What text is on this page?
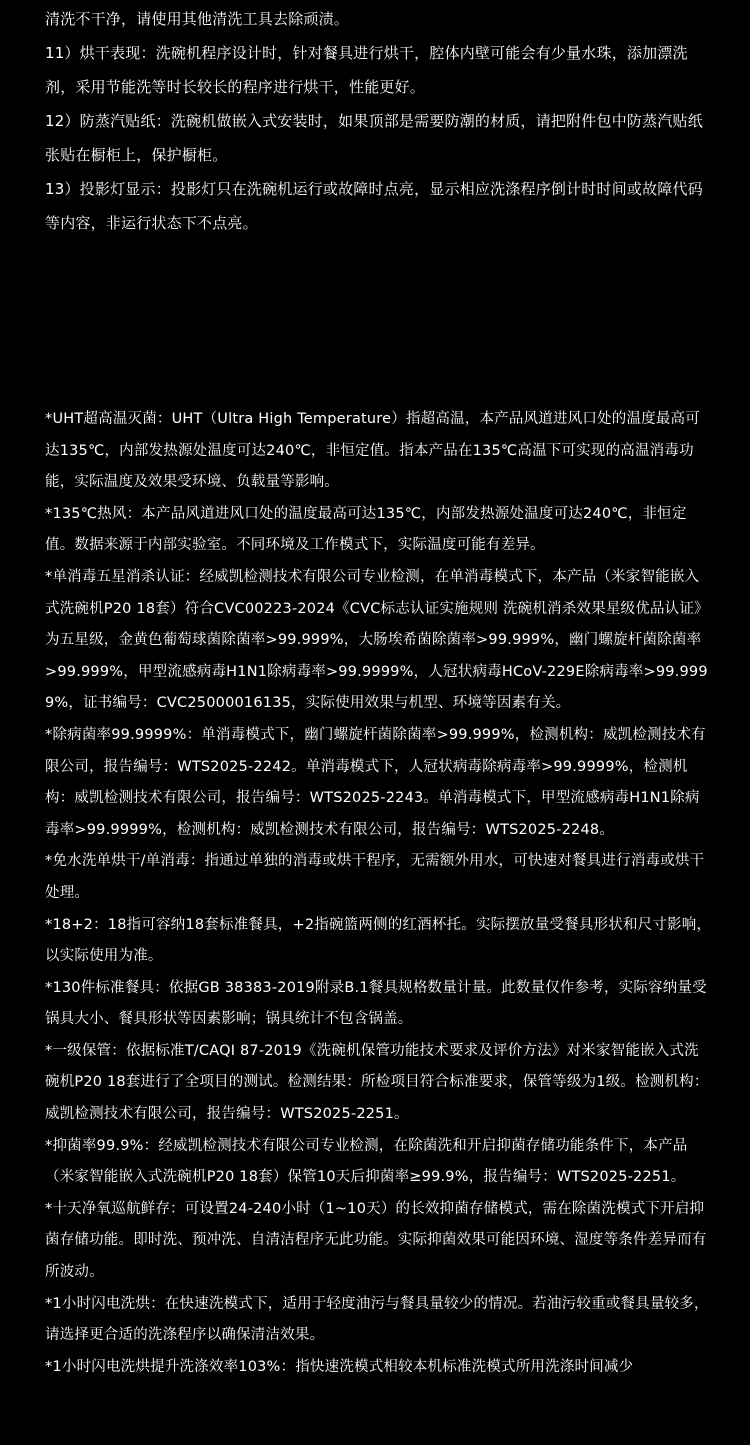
清洗不干净，请使用其他清洗工具去除顽渍。

11）烘干表现：洗碗机程序设计时，针对餐具进行烘干，腔体内壁可能会有少量水珠，添加漂洗剂，采用节能洗等时长较长的程序进行烘干，性能更好。

12）防蒸汽贴纸：洗碗机做嵌入式安装时，如果顶部是需要防潮的材质，请把附件包中防蒸汽贴纸张贴在橱柜上，保护橱柜。

13）投影灯显示：投影灯只在洗碗机运行或故障时点亮，显示相应洗涤程序倒计时时间或故障代码等内容，非运行状态下不点亮。

*UHT超高温灭菌：UHT（Ultra High Temperature）指超高温，本产品风道进风口处的温度最高可达135℃，内部发热源处温度可达240℃，非恒定值。指本产品在135℃高温下可实现的高温消毒功能，实际温度及效果受环境、负载量等影响。

*135℃热风：本产品风道进风口处的温度最高可达135℃，内部发热源处温度可达240℃，非恒定值。数据来源于内部实验室。不同环境及工作模式下，实际温度可能有差异。

*单消毒五星消杀认证：经威凯检测技术有限公司专业检测，在单消毒模式下，本产品（米家智能嵌入式洗碗机P20 18套）符合CVC00223-2024《CVC标志认证实施规则 洗碗机消杀效果星级优品认证》为五星级，金黄色葡萄球菌除菌率>99.999%，大肠埃希菌除菌率>99.999%，幽门螺旋杆菌除菌率>99.999%，甲型流感病毒H1N1除病毒率>99.9999%，人冠状病毒HCoV-229E除病毒率>99.9999%，证书编号：CVC25000016135，实际使用效果与机型、环境等因素有关。

*除病菌率99.9999%：单消毒模式下，幽门螺旋杆菌除菌率>99.999%，检测机构：威凯检测技术有限公司，报告编号：WTS2025-2242。单消毒模式下，人冠状病毒除病毒率>99.9999%，检测机构：威凯检测技术有限公司，报告编号：WTS2025-2243。单消毒模式下，甲型流感病毒H1N1除病毒率>99.9999%，检测机构：威凯检测技术有限公司，报告编号：WTS2025-2248。

*免水洗单烘干/单消毒：指通过单独的消毒或烘干程序，无需额外用水，可快速对餐具进行消毒或烘干处理。

*18+2：18指可容纳18套标准餐具，+2指碗篮两侧的红酒杯托。实际摆放量受餐具形状和尺寸影响，以实际使用为准。

*130件标准餐具：依据GB 38383-2019附录B.1餐具规格数量计量。此数量仅作参考，实际容纳量受锅具大小、餐具形状等因素影响；锅具统计不包含锅盖。

*一级保管：依据标准T/CAQI 87-2019《洗碗机保管功能技术要求及评价方法》对米家智能嵌入式洗碗机P20 18套进行了全项目的测试。检测结果：所检项目符合标准要求，保管等级为1级。检测机构：威凯检测技术有限公司，报告编号：WTS2025-2251。

*抑菌率99.9%：经威凯检测技术有限公司专业检测，在除菌洗和开启抑菌存储功能条件下，本产品（米家智能嵌入式洗碗机P20 18套）保管10天后抑菌率≥99.9%，报告编号：WTS2025-2251。

*十天净氧巡航鲜存：可设置24-240小时（1~10天）的长效抑菌存储模式，需在除菌洗模式下开启抑菌存储功能。即时洗、预冲洗、自清洁程序无此功能。实际抑菌效果可能因环境、湿度等条件差异而有所波动。

*1小时闪电洗烘：在快速洗模式下，适用于轻度油污与餐具量较少的情况。若油污较重或餐具量较多，请选择更合适的洗涤程序以确保清洁效果。

*1小时闪电洗烘提升洗涤效率103%：指快速洗模式相较本机标准洗模式所用洗涤时间减少
